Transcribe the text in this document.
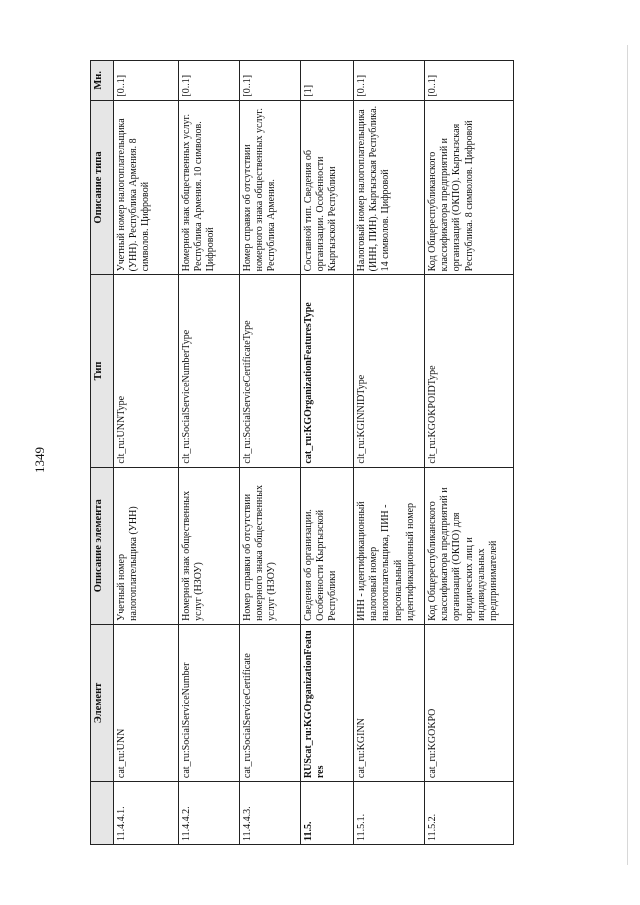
1349
	Элемент	Описание элемента	Тип	Описание типа	Мн.
11.4.4.1.	cat_ru:UNN	Учетный номер налогоплательщика (УНН)	clt_ru:UNNType	Учетный номер налогоплательщика (УНН). Республика Армения. 8 символов. Цифровой	[0..1]
11.4.4.2.	cat_ru:SocialServiceNumber	Номерной знак общественных услуг (НЗОУ)	clt_ru:SocialServiceNumberType	Номерной знак общественных услуг. Республика Армения. 10 символов. Цифровой	[0..1]
11.4.4.3.	cat_ru:SocialServiceCertificate	Номер справки об отсутствии номерного знака общественных услуг (НЗОУ)	clt_ru:SocialServiceCertificateType	Номер справки об отсутствии номерного знака общественных услуг. Республика Армения.	[0..1]
11.5.	RUScat_ru:KGOrganizationFeatures	Сведения об организации. Особенности Кыргызской Республики	cat_ru:KGOrganizationFeaturesType	Составной тип. Сведения об организации. Особенности Кыргызской Республики	[1]
11.5.1.	cat_ru:KGINN	ИНН - идентификационный налоговый номер налогоплательщика, ПИН - персональный идентификационный номер	clt_ru:KGINNIDType	Налоговый номер налогоплательщика (ИНН, ПИН). Кыргызская Республика. 14 символов. Цифровой	[0..1]
11.5.2.	cat_ru:KGOKPO	Код Общереспубликанского классификатора предприятий и организаций (ОКПО) для юридических лиц и индивидуальных предпринимателей	clt_ru:KGOKPOIDType	Код Общереспубликанского классификатора предприятий и организаций (ОКПО). Кыргызская Республика. 8 символов. Цифровой	[0..1]
